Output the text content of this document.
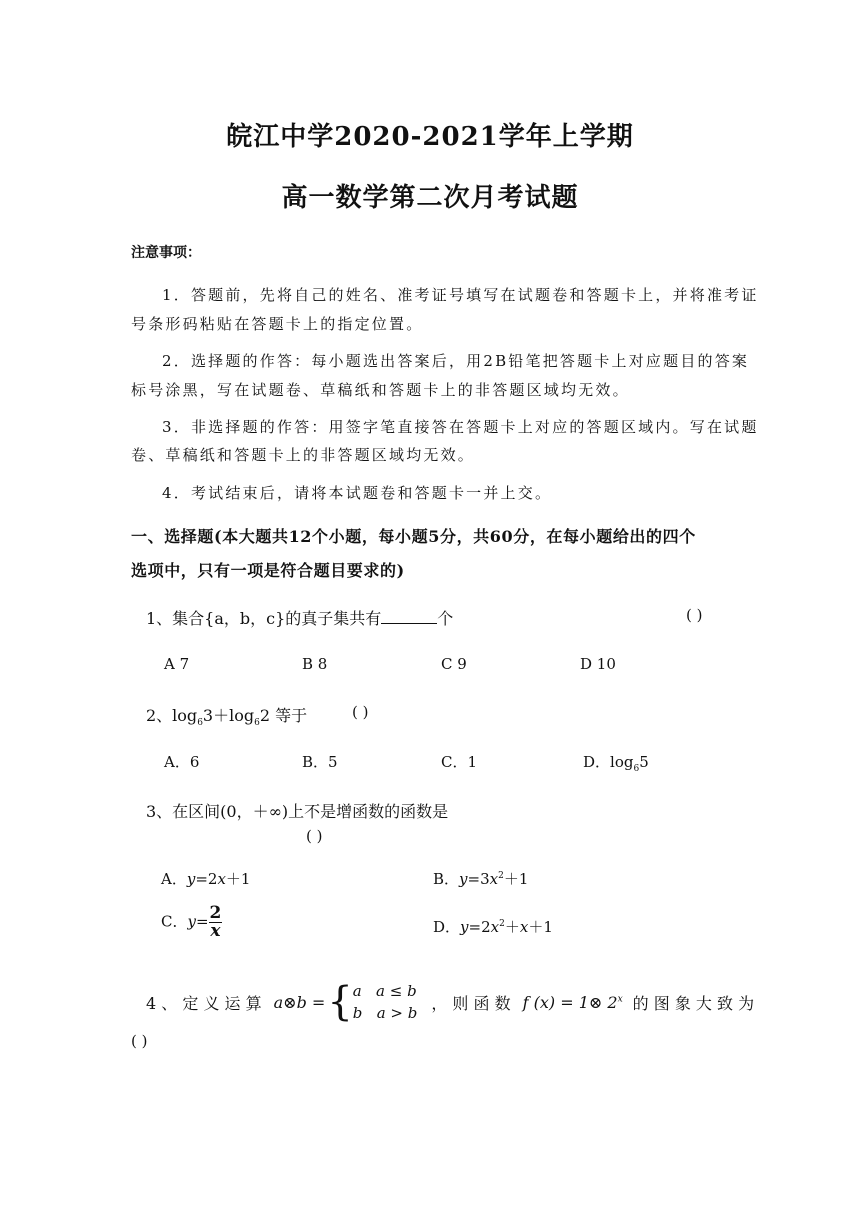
皖江中学2020-2021学年上学期
高一数学第二次月考试题
注意事项：
1．答题前，先将自己的姓名、准考证号填写在试题卷和答题卡上，并将准考证
号条形码粘贴在答题卡上的指定位置。
2．选择题的作答：每小题选出答案后，用2B铅笔把答题卡上对应题目的答案
标号涂黑，写在试题卷、草稿纸和答题卡上的非答题区域均无效。
3．非选择题的作答：用签字笔直接答在答题卡上对应的答题区域内。写在试题
卷、草稿纸和答题卡上的非答题区域均无效。
4．考试结束后，请将本试题卷和答题卡一并上交。
一、选择题(本大题共12个小题，每小题5分，共60分，在每小题给出的四个
选项中，只有一项是符合题目要求的)
1、集合{a，b，c}的真子集共有	个	( )
A 7	B 8	C 9	D 10
2、$\log_63+\log_62$ 等于	( )
A．6	B．5	C．1	D．$\log_65$
3、在区间(0，＋∞)上不是增函数的函数是
( )
A．y=2x＋1	B．$y=3x^2+1$
C．$y= \frac{2}{x}$	D．$y=2x^2+x+1$
4 、 定 义 运 算 a⊗b = { a a ≤ b
b a > b
， 则 函 数 f (x) = 1⊗ 2$^x$ 的 图 象 大 致 为
( )
